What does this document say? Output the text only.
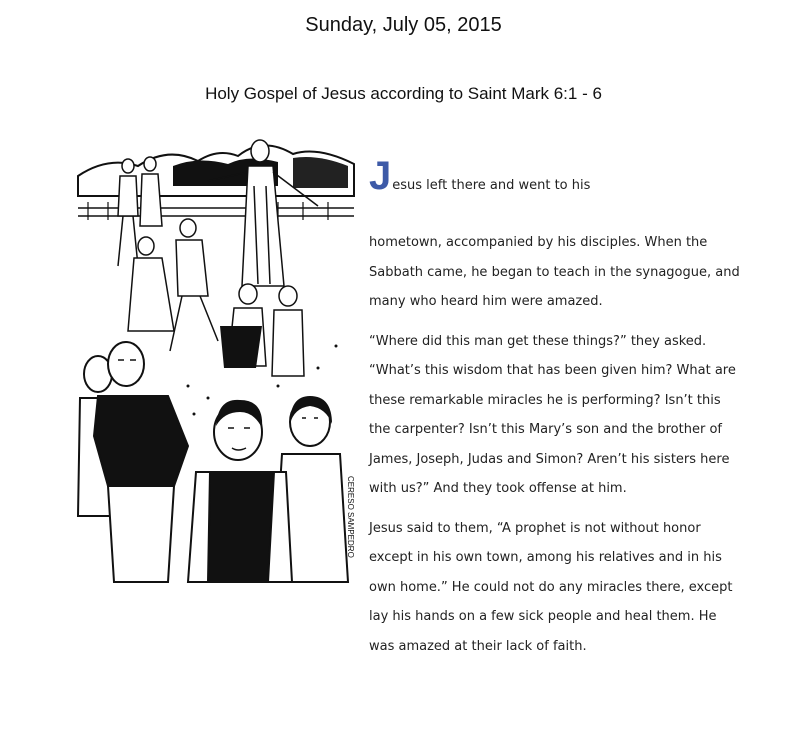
Sunday, July 05, 2015
Holy Gospel of Jesus according to Saint Mark 6:1 - 6
CERESO SAMPEDRO
Jesus left there and went to his
hometown, accompanied by his disciples. When the
Sabbath came, he began to teach in the synagogue, and
many who heard him were amazed.
“Where did this man get these things?” they asked.
“What’s this wisdom that has been given him? What are
these remarkable miracles he is performing? Isn’t this
the carpenter? Isn’t this Mary’s son and the brother of
James, Joseph, Judas and Simon? Aren’t his sisters here
with us?” And they took offense at him.
Jesus said to them, “A prophet is not without honor
except in his own town, among his relatives and in his
own home.” He could not do any miracles there, except
lay his hands on a few sick people and heal them. He
was amazed at their lack of faith.
